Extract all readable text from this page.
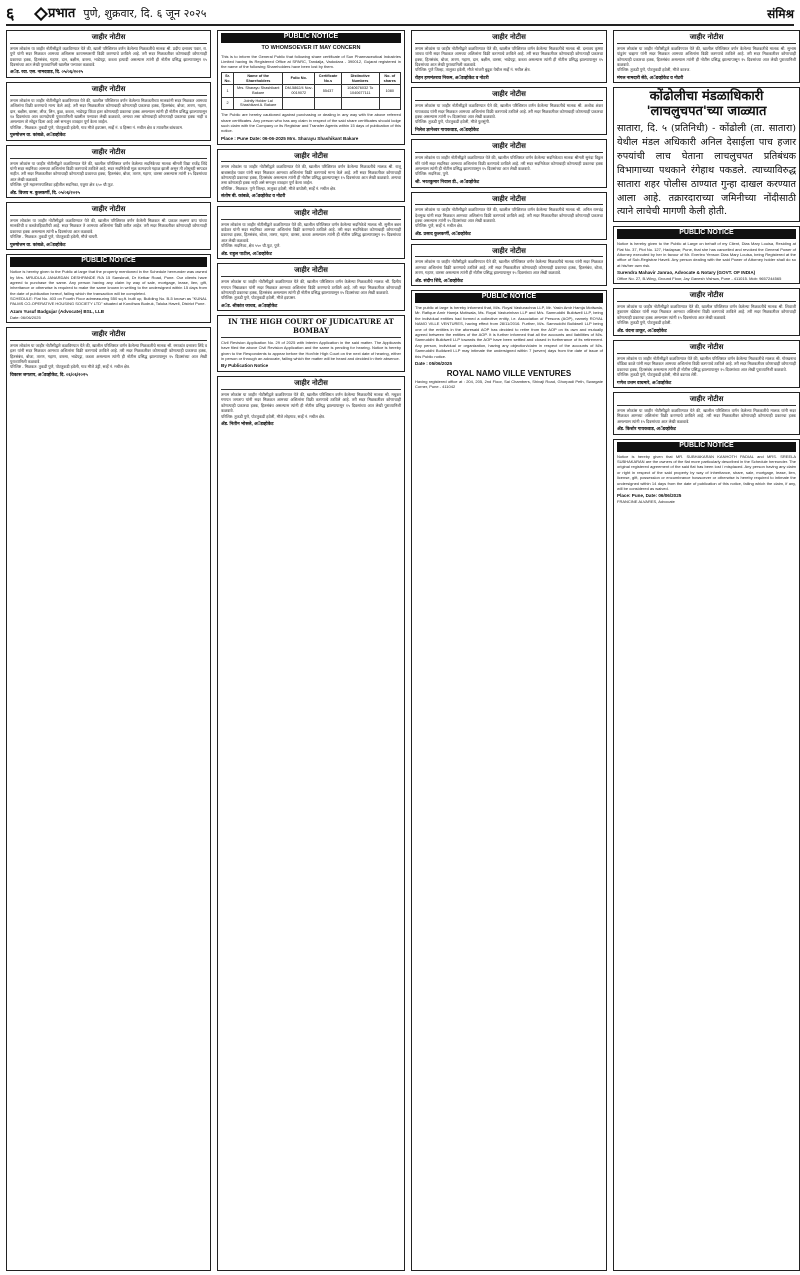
६	प्रभात पुणे, शुक्रवार, दि. ६ जून २०२५	संमिश्र
जाहीर नोटीस
तमाम लोकांस या जाहीर नोटीसीद्वारे कळविण्यात येते की, खाली परिशिष्टात वर्णन केलेल्या मिळकतीचे मालक श्री. प्रदीप दत्तात्रय पवार, रा. पुणे यांनी सदर मिळकत आमच्या अशिलास कायमस्वरूपी विक्री करण्याचे ठरविले आहे. तरी सदर मिळकतीवर कोणाचाही कोणत्याही प्रकारचा हक्क, हितसंबंध, गहाण, दान, बक्षीस, वारसा, भाडेपट्टा, कब्जा इत्यादी असल्यास त्यांनी ही नोटीस प्रसिद्ध झाल्यापासून १५ दिवसांच्या आत लेखी पुराव्यानिशी खालील पत्त्यावर कळवावे.
अॅड. रवा. एस. नामदवाड, दि. ०५/०६/२०२५
जाहीर नोटीस
तमाम लोकांस या जाहीर नोटीसीद्वारे कळविण्यात येते की, खालील परिशिष्टात वर्णन केलेल्या मिळकतीच्या मालकांनी सदर मिळकत आमच्या अशिलांना विक्री करण्याचे मान्य केले आहे. तरी सदर मिळकतीवर कोणाचाही कोणत्याही प्रकारचा हक्क, हितसंबंध, बोजा, तारण, गहाण, दान, बक्षीस, वारसा, लीज, लिन, कुळ, कब्जा, भाडेपट्टा किंवा इतर कोणत्याही प्रकारचा हक्क असल्यास त्यांनी ही नोटीस प्रसिद्ध झाल्यापासून १४ दिवसांच्या आत कागदोपत्री पुराव्यानिशी खालील पत्त्यावर लेखी कळवावे, अन्यथा तसा कोणाचाही कोणत्याही प्रकारचा हक्क नाही व असल्यास तो सोडून दिला आहे असे समजून व्यवहार पूर्ण केला जाईल.
परिशिष्ट - मिळकत: तुकडी पुणे, पोटतुकडी हवेली, गाव मौजे हडपसर, सर्व्हे नं. व हिस्सा नं. मधील क्षेत्र व त्यावरील बांधकाम.
पुरुषोत्तम वा. कांबळे, अॅडव्होकेट
जाहीर नोटीस
तमाम लोकांस या जाहीर नोटीसीद्वारे कळविण्यात येते की, खालील परिशिष्टात वर्णन केलेल्या सदनिकेच्या मालक श्रीमती विद्या राजेंद्र शिंदे यांनी सदर सदनिका आमच्या अशिलांना विक्री करण्याचे ठरविले आहे. सदर सदनिकेची मूळ कागदपत्रे गहाळ झाली असून ती शोधूनही सापडत नाहीत. तरी सदर मिळकतीवर कोणाचाही कोणत्याही प्रकारचा हक्क, हितसंबंध, बोजा, तारण, गहाण, वारसा असल्यास त्यांनी १५ दिवसांच्या आत लेखी कळवावे.
परिशिष्ट: पुणे महानगरपालिका हद्दीतील सदनिका, एकूण क्षेत्र ६५० चौ.फूट.
अ‍ॅड. विजय म. कुलकर्णी, दि. ०५/०६/२०२५
जाहीर नोटीस
तमाम लोकांस या जाहीर नोटीसीद्वारे कळविण्यात येते की, खालील परिशिष्टात वर्णन केलेली मिळकत श्री. प्रकाश लक्ष्मण वाघ यांच्या मालकीची व कब्जेवहिवाटीची आहे. सदर मिळकत ते आमच्या अशिलांना विक्री करीत आहेत. तरी सदर मिळकतीवर कोणाचाही कोणत्याही प्रकारचा हक्क असल्यास त्यांनी ७ दिवसांच्या आत कळवावे.
परिशिष्ट - मिळकत: तुकडी पुणे, पोटतुकडी हवेली, मौजे धायरी.
पुरुषोत्तम वा. कांबळे, अॅडव्होकेट
PUBLIC NOTICE
Notice is hereby given to the Public at large that the property mentioned in the Schedule hereunder was owned by Mrs. MRUDULA JANARDAN DESHPANDE R/A 15 Sanskruti, Dr Ketkar Road, Pune. Our clients have agreed to purchase the same. Any person having any claim by way of sale, mortgage, lease, lien, gift, inheritance or otherwise is required to make the same known in writing to the undersigned within 15 days from the date of publication hereof, failing which the transaction will be completed.
SCHEDULE: Flat No. 403 on Fourth Floor admeasuring 550 sq.ft. built up, Building No. B-5 known as "KUNAL PALMS CO-OPERATIVE HOUSING SOCIETY LTD" situated at Kondhwa Budruk, Taluka Haveli, District Pune.
Azam Yusuf Badgujar (Advocate) BSL, LLB
Date: 06/06/2025
जाहीर नोटीस
तमाम लोकांस या जाहीर नोटीसीद्वारे कळविण्यात येते की, खालील परिशिष्टात वर्णन केलेल्या मिळकतीचे मालक श्री. रमाकांत दत्तात्रय शिंदे व इतर यांनी सदर मिळकत आमच्या अशिलांना विक्री करण्याचे ठरविले आहे. तरी सदर मिळकतीवर कोणाचाही कोणत्याही प्रकारचा हक्क, हितसंबंध, बोजा, तारण, गहाण, वारसा, भाडेपट्टा, कब्जा असल्यास त्यांनी ही नोटीस प्रसिद्ध झाल्यापासून १५ दिवसांच्या आत लेखी पुराव्यानिशी कळवावे.
परिशिष्ट - मिळकत: तुकडी पुणे, पोटतुकडी हवेली, गाव मौजे उंड्री, सर्व्हे नं. मधील क्षेत्र.
विकास जगताप, अॅडव्होकेट, दि. ०६/०६/२०२५
PUBLIC NOTICE
TO WHOMSOEVER IT MAY CONCERN
This is to inform the General Public that following share certificate of Sun Pharmaceutical Industries Limited having its Registered Office at SPARC, Tandalja, Vadodara - 390012, Gujarat registered in the name of the following Shareholders have been lost by them.
Sr. No.	Name of the Shareholders	Folio No.	Certificate No.s	Distinctive Numbers	No. of shares
1	Mrs. Sharayu Shashikant Bakare	DM-5862/4 Nov-0019072	55437	1040676032 To 1040677111	1080
2	Jointly Holder Lal Shashikant A. Bakare				
The Public are hereby cautioned against purchasing or dealing in any way with the above referred share certificates. Any person who has any claim in respect of the said share certificates should lodge such claim with the Company or its Registrar and Transfer Agents within 15 days of publication of this notice.
Place : Pune Date: 06-06-2025 Mrs. Sharayu Shashikant Bakare
जाहीर नोटीस
तमाम लोकांस या जाहीर नोटीसीद्वारे कळविण्यात येते की, खालील परिशिष्टात वर्णन केलेल्या मिळकतीचे मालक श्री. राजू बाबासाहेब पवार यांनी सदर मिळकत आमच्या अशिलांना विक्री करण्याचे मान्य केले आहे. तरी सदर मिळकतीवर कोणाचाही कोणत्याही प्रकारचा हक्क, हितसंबंध असल्यास त्यांनी ही नोटीस प्रसिद्ध झाल्यापासून १५ दिवसांच्या आत लेखी कळवावे. अन्यथा तसा कोणताही हक्क नाही असे समजून व्यवहार पूर्ण केला जाईल.
परिशिष्ट - मिळकत: पुणे जिल्हा, तालुका हवेली, मौजे वाघोली, सर्व्हे नं. मधील क्षेत्र.
संतोष बी. कांबळे, अॅडव्होकेट व नोटरी
जाहीर नोटीस
तमाम लोकांस या जाहीर नोटीसीद्वारे कळविण्यात येते की, खालील परिशिष्टात वर्णन केलेल्या सदनिकेचे मालक श्री. सुनील बबन वाडेकर यांनी सदर सदनिका आमच्या अशिलांना विक्री करण्याचे ठरविले आहे. तरी सदर सदनिकेवर कोणाचाही कोणत्याही प्रकारचा हक्क, हितसंबंध, बोजा, तारण, गहाण, वारसा, कब्जा असल्यास त्यांनी ही नोटीस प्रसिद्ध झाल्यापासून १५ दिवसांच्या आत लेखी कळवावे.
परिशिष्ट: सदनिका, क्षेत्र ५५० चौ.फूट, पुणे.
ॲड. राहुल पाटील, अॅडव्होकेट
जाहीर नोटीस
तमाम लोकांस या जाहीर नोटीसीद्वारे कळविण्यात येते की, खालील परिशिष्टात वर्णन केलेल्या मिळकतीचे मालक श्री. दिलीप गणपत निंबाळकर यांनी सदर मिळकत आमच्या अशिलांना विक्री करण्याचे ठरविले आहे. तरी सदर मिळकतीवर कोणाचाही कोणत्याही प्रकारचा हक्क, हितसंबंध असल्यास त्यांनी ही नोटीस प्रसिद्ध झाल्यापासून १५ दिवसांच्या आत लेखी कळवावे.
परिशिष्ट: तुकडी पुणे, पोटतुकडी हवेली, मौजे हडपसर.
अॅड. श्रीकांत जाधव, अॅडव्होकेट
IN THE HIGH COURT OF JUDICATURE AT BOMBAY
Civil Revision Application No. 29 of 2025 with Interim Application in the said matter. The Applicants have filed the above Civil Revision Application and the same is pending for hearing. Notice is hereby given to the Respondents to appear before the Hon'ble High Court on the next date of hearing, either in person or through an advocate, failing which the matter will be heard and decided in their absence.
By Publication Notice
जाहीर नोटीस
तमाम लोकांस या जाहीर नोटीसीद्वारे कळविण्यात येते की, खालील परिशिष्टात वर्णन केलेल्या मिळकतीचे मालक श्री. मधुकर गणपत जगताप यांनी सदर मिळकत आमच्या अशिलांना विक्री करण्याचे ठरविले आहे. तरी सदर मिळकतीवर कोणाचाही कोणत्याही प्रकारचा हक्क, हितसंबंध असल्यास त्यांनी ही नोटीस प्रसिद्ध झाल्यापासून १५ दिवसांच्या आत लेखी पुराव्यानिशी कळवावे.
परिशिष्ट: तुकडी पुणे, पोटतुकडी हवेली, मौजे लोहगाव, सर्व्हे नं. मधील क्षेत्र.
ॲड. नितीन भोसले, अॅडव्होकेट
जाहीर नोटीस
तमाम लोकांस या जाहीर नोटीसीद्वारे कळविण्यात येते की, खालील परिशिष्टात वर्णन केलेल्या मिळकतीचे मालक श्री. दत्तात्रय कृष्णा जाधव यांनी सदर मिळकत आमच्या अशिलांना विक्री करण्याचे ठरविले आहे. तरी सदर मिळकतीवर कोणाचाही कोणत्याही प्रकारचा हक्क, हितसंबंध, बोजा, तारण, गहाण, दान, बक्षीस, वारसा, भाडेपट्टा, कब्जा असल्यास त्यांनी ही नोटीस प्रसिद्ध झाल्यापासून १५ दिवसांच्या आत लेखी पुराव्यानिशी कळवावे.
परिशिष्ट: पुणे जिल्हा, तालुका हवेली, मौजे मांजरी बुद्रुक येथील सर्व्हे नं. मधील क्षेत्र.
रोहन हणमंतराव निकम, अॅडव्होकेट व नोटरी
जाहीर नोटीस
तमाम लोकांस या जाहीर नोटीसीद्वारे कळविण्यात येते की, खालील परिशिष्टात वर्णन केलेल्या मिळकतीचे मालक श्री. अशोक शंकर गायकवाड यांनी सदर मिळकत आमच्या अशिलांना विक्री करण्याचे ठरविले आहे. तरी सदर मिळकतीवर कोणाचाही कोणत्याही प्रकारचा हक्क असल्यास त्यांनी १५ दिवसांच्या आत लेखी कळवावे.
परिशिष्ट: तुकडी पुणे, पोटतुकडी हवेली, मौजे फुरसुंगी.
निलेश ज्ञानेश्वर गायकवाड, अॅडव्होकेट
जाहीर नोटीस
तमाम लोकांस या जाहीर नोटीसीद्वारे कळविण्यात येते की, खालील परिशिष्टात वर्णन केलेल्या सदनिकेच्या मालक श्रीमती सुनंदा विठ्ठल मोरे यांनी सदर सदनिका आमच्या अशिलांना विक्री करण्याचे ठरविले आहे. तरी सदर सदनिकेवर कोणाचाही कोणत्याही प्रकारचा हक्क असल्यास त्यांनी ही नोटीस प्रसिद्ध झाल्यापासून १५ दिवसांच्या आत लेखी कळवावे.
परिशिष्ट: सदनिका, पुणे.
श्री. भरतकुमार निवास डी., अॅडव्होकेट
जाहीर नोटीस
तमाम लोकांस या जाहीर नोटीसीद्वारे कळविण्यात येते की, खालील परिशिष्टात वर्णन केलेल्या मिळकतीचे मालक श्री. अनिल रामचंद्र देशमुख यांनी सदर मिळकत आमच्या अशिलांना विक्री करण्याचे ठरविले आहे. तरी सदर मिळकतीवर कोणाचाही कोणत्याही प्रकारचा हक्क असल्यास त्यांनी १५ दिवसांच्या आत लेखी कळवावे.
परिशिष्ट: पुणे, सर्व्हे नं. मधील क्षेत्र.
ॲड. प्रसाद कुलकर्णी, अॅडव्होकेट
जाहीर नोटीस
तमाम लोकांस या जाहीर नोटीसीद्वारे कळविण्यात येते की, खालील परिशिष्टात वर्णन केलेल्या मिळकतीचे मालक यांनी सदर मिळकत आमच्या अशिलांना विक्री करण्याचे ठरविले आहे. तरी सदर मिळकतीवर कोणाचाही कोणत्याही प्रकारचा हक्क, हितसंबंध, बोजा, तारण, गहाण, वारसा असल्यास त्यांनी ही नोटीस प्रसिद्ध झाल्यापासून १५ दिवसांच्या आत लेखी कळवावे.
ॲड. संदीप शिंदे, अॅडव्होकेट
PUBLIC NOTICE
The public at large is hereby informed that, M/s. Royal Vasturachna LLP, Mr. Yasin Amir Hamja Motiwala, Mr. Rafique Amir Hamja Motiwala, Ms. Royal Vasturinhan LLP and M/s. Samruddhi Buildwell LLP, being the individual entities had formed a collective entity, i.e. Association of Persons (AOP), namely ROYAL NAMO VILLE VENTURES, having effect from 28/11/2016. Further, M/s. Samruddhi Buildwell LLP being one of the entities in the aforesaid AOP has decided to retire from the AOP on its own and mutually agreed between the entities of the AOP. It is further informed that all the accounts and liabilities of M/s. Samruddhi Buildwell LLP towards the AOP have been settled and closed in furtherance of its retirement. Any person, individual or organization, having any objection/claim in respect of the accounts of M/s. Samruddhi Buildwell LLP may intimate the undersigned within 7 (seven) days from the date of issue of this Public notice.
Date : 05/06/2025
ROYAL NAMO VILLE VENTURES
Having registered office at : 204, 205, 2nd Floor, Sai Chambers, Shivaji Road, Ghorpadi Peth, Swargate Corner, Pune - 411042
जाहीर नोटीस
तमाम लोकांस या जाहीर नोटीसीद्वारे कळविण्यात येते की, खालील परिशिष्टात वर्णन केलेल्या मिळकतीचे मालक श्री. सुभाष पांडुरंग चव्हाण यांनी सदर मिळकत आमच्या अशिलांना विक्री करण्याचे ठरविले आहे. तरी सदर मिळकतीवर कोणाचाही कोणत्याही प्रकारचा हक्क, हितसंबंध असल्यास त्यांनी ही नोटीस प्रसिद्ध झाल्यापासून १५ दिवसांच्या आत लेखी पुराव्यानिशी कळवावे.
परिशिष्ट: तुकडी पुणे, पोटतुकडी हवेली, मौजे कात्रज.
मंगल नामदारी सेठे, अॅडव्होकेट व नोटरी
कोंढोलीचा मंडळाधिकारी 'लाचलुचपत'च्या जाळ्यात
सातारा, दि. ५ (प्रतिनिधी) - कोंढोली (ता. सातारा) येथील मंडल अधिकारी अनिल देसाईला पाच हजार रुपयांची लाच घेताना लाचलुचपत प्रतिबंधक विभागाच्या पथकाने रंगेहाथ पकडले. त्याच्याविरुद्ध सातारा शहर पोलीस ठाण्यात गुन्हा दाखल करण्यात आला आहे. तक्रारदाराच्या जमिनीच्या नोंदीसाठी त्याने लाचेची मागणी केली होती.
PUBLIC NOTICE
Notice is hereby given to the Public at Large on behalf of my Client, Dias Mary Louisa, Residing at Flat No. 37, Plot No. 127, Hadapsar, Pune, that she has cancelled and revoked the General Power of Attorney executed by her in favour of Mr. Everleo Yenson Dias Mary Louisa, being Registered at the office of Sub-Registrar Haveli. Any person dealing with the said Power of Attorney holder shall do so at his/her own risk.
Surendra Mahavir Janrao, Advocate & Notary (GOVT. OF INDIA)
Office No. 27, B-Wing, Ground Floor, Jay Ganesh Vishwa, Pune - 411015. Mob: 9657244565
जाहीर नोटीस
तमाम लोकांस या जाहीर नोटीसीद्वारे कळविण्यात येते की, खालील परिशिष्टात वर्णन केलेल्या मिळकतीचे मालक श्री. शिवाजी तुकाराम खेडेकर यांनी सदर मिळकत आमच्या अशिलांना विक्री करण्याचे ठरविले आहे. तरी सदर मिळकतीवर कोणाचाही कोणत्याही प्रकारचा हक्क असल्यास त्यांनी १५ दिवसांच्या आत लेखी कळवावे.
परिशिष्ट: तुकडी पुणे, पोटतुकडी हवेली.
ॲड. वंदना ठाकूर, अॅडव्होकेट
जाहीर नोटीस
तमाम लोकांस या जाहीर नोटीसीद्वारे कळविण्यात येते की, खालील परिशिष्टात वर्णन केलेल्या मिळकतीचे मालक श्री. गोरखनाथ धोंडिबा काळे यांनी सदर मिळकत आमच्या अशिलांना विक्री करण्याचे ठरविले आहे. तरी सदर मिळकतीवर कोणाचाही कोणत्याही प्रकारचा हक्क, हितसंबंध असल्यास त्यांनी ही नोटीस प्रसिद्ध झाल्यापासून १५ दिवसांच्या आत लेखी पुराव्यानिशी कळवावे.
परिशिष्ट: तुकडी पुणे, पोटतुकडी हवेली, मौजे वडगाव शेरी.
गणेश उत्तम वाघमारे, अॅडव्होकेट
जाहीर नोटीस
तमाम लोकांस या जाहीर नोटीसीद्वारे कळविण्यात येते की, खालील परिशिष्टात वर्णन केलेल्या मिळकतीचे मालक यांनी सदर मिळकत आमच्या अशिलांना विक्री करण्याचे ठरविले आहे. तरी सदर मिळकतीवर कोणाचाही कोणत्याही प्रकारचा हक्क असल्यास त्यांनी १५ दिवसांच्या आत लेखी कळवावे.
ॲड. किशोर गायकवाड, अॅडव्होकेट
PUBLIC NOTICE
Notice is hereby given that MR. SUBHAKARAN KANHOTH PADIAL and MRS. SREELA SUBHAKARAN are the owners of the flat more particularly described in the Schedule hereunder. The original registered agreement of the said flat has been lost / misplaced. Any person having any claim or right in respect of the said property by way of inheritance, share, sale, mortgage, lease, lien, license, gift, possession or encumbrance howsoever or otherwise is hereby required to intimate the undersigned within 14 days from the date of publication of this notice, failing which the claim, if any, will be considered as waived.
Place: Pune, Date: 06/06/2025
FRANCINE ALVARES, Advocate
